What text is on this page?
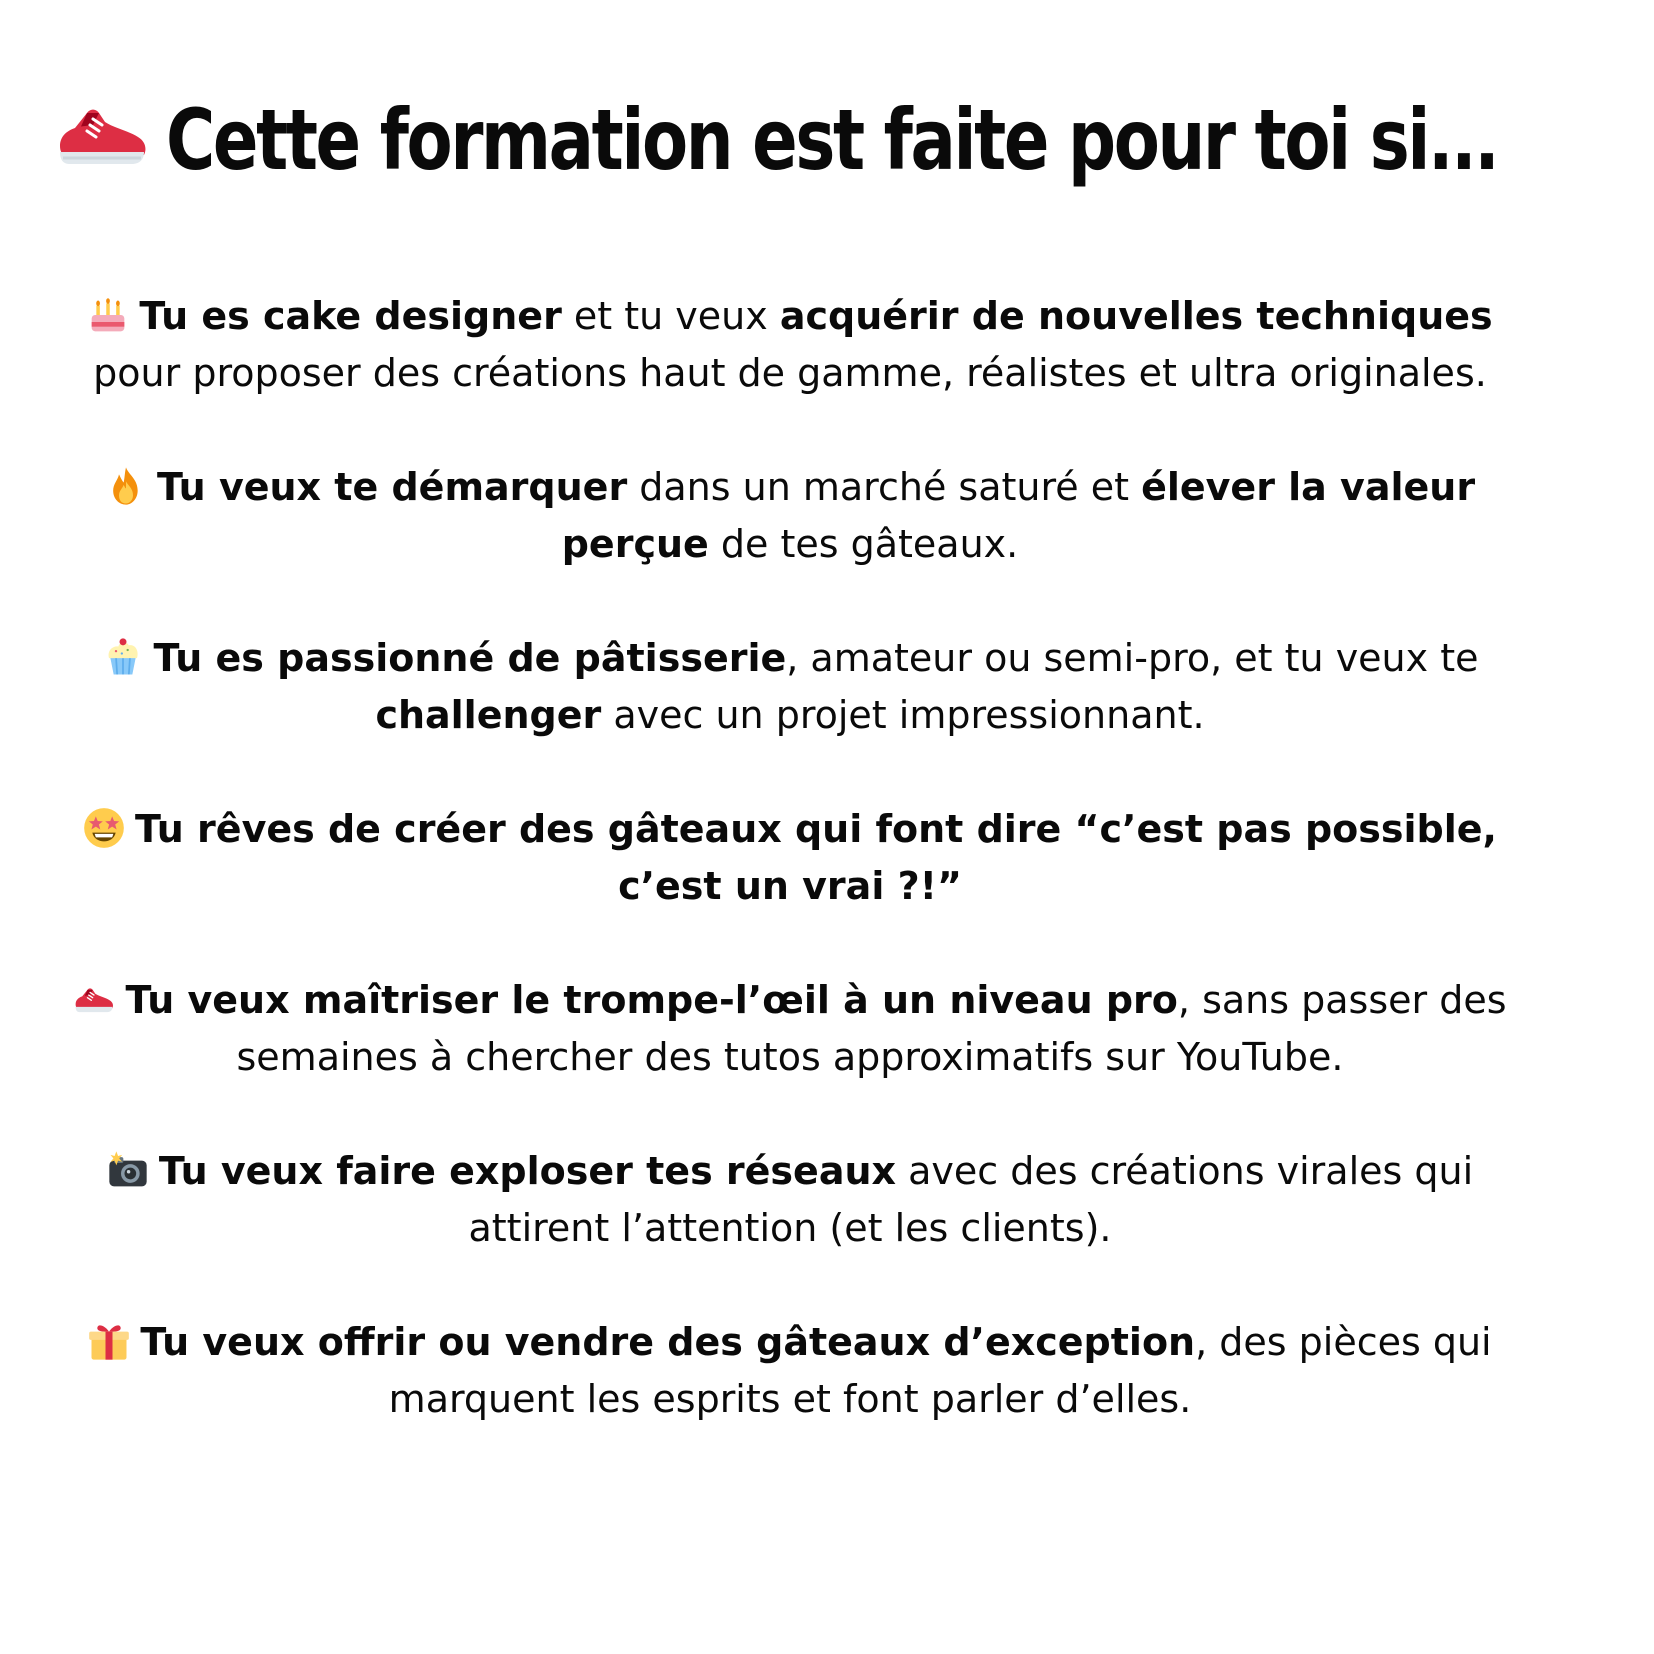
Cette formation est faite pour toi si...
Tu es cake designer et tu veux acquérir de nouvelles techniques pour proposer des créations haut de gamme, réalistes et ultra originales.
Tu veux te démarquer dans un marché saturé et élever la valeur perçue de tes gâteaux.
Tu es passionné de pâtisserie, amateur ou semi-pro, et tu veux te challenger avec un projet impressionnant.
Tu rêves de créer des gâteaux qui font dire “c’est pas possible, c’est un vrai ?!”
Tu veux maîtriser le trompe-l’œil à un niveau pro, sans passer des semaines à chercher des tutos approximatifs sur YouTube.
Tu veux faire exploser tes réseaux avec des créations virales qui attirent l’attention (et les clients).
Tu veux offrir ou vendre des gâteaux d’exception, des pièces qui marquent les esprits et font parler d’elles.
